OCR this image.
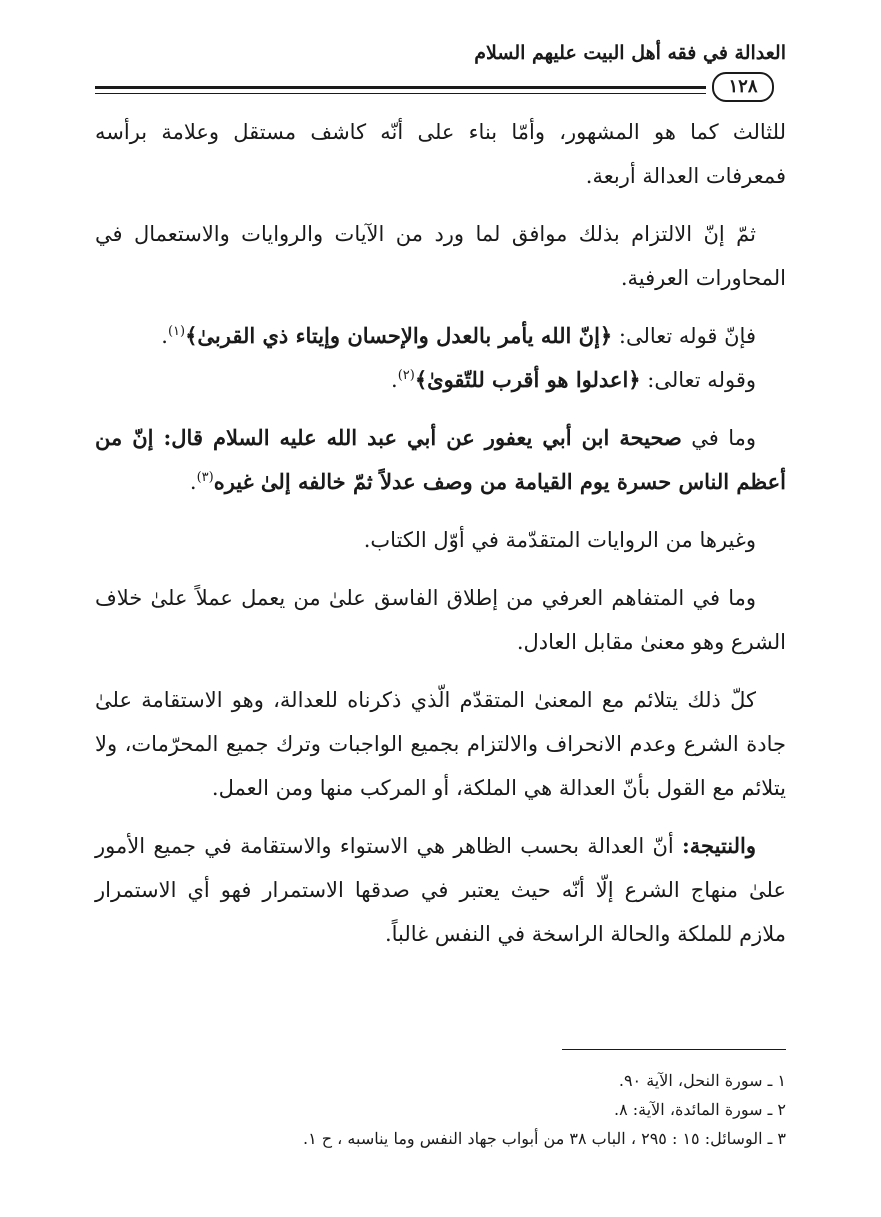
العدالة في فقه أهل البيت عليهم السلام
١٢٨

للثالث كما هو المشهور، وأمّا بناء على أنّه كاشف مستقل وعلامة برأسه فمعرفات العدالة أربعة.

ثمّ إنّ الالتزام بذلك موافق لما ورد من الآيات والروايات والاستعمال في المحاورات العرفية.

فإنّ قوله تعالى: ﴿إنّ الله يأمر بالعدل والإحسان وإيتاء ذي القربىٰ﴾$^{(١)}$.

وقوله تعالى: ﴿اعدلوا هو أقرب للتّقوىٰ﴾$^{(٢)}$.

وما في صحيحة ابن أبي يعفور عن أبي عبد الله عليه السلام قال: إنّ من أعظم الناس حسرة يوم القيامة من وصف عدلاً ثمّ خالفه إلىٰ غيره$^{(٣)}$.

وغيرها من الروايات المتقدّمة في أوّل الكتاب.

وما في المتفاهم العرفي من إطلاق الفاسق علىٰ من يعمل عملاً علىٰ خلاف الشرع وهو معنىٰ مقابل العادل.

كلّ ذلك يتلائم مع المعنىٰ المتقدّم الّذي ذكرناه للعدالة، وهو الاستقامة علىٰ جادة الشرع وعدم الانحراف والالتزام بجميع الواجبات وترك جميع المحرّمات، ولا يتلائم مع القول بأنّ العدالة هي الملكة، أو المركب منها ومن العمل.

والنتيجة: أنّ العدالة بحسب الظاهر هي الاستواء والاستقامة في جميع الأمور علىٰ منهاج الشرع إلّا أنّه حيث يعتبر في صدقها الاستمرار فهو أي الاستمرار ملازم للملكة والحالة الراسخة في النفس غالباً.

١ ـ سورة النحل، الآية ٩٠.
٢ ـ سورة المائدة، الآية: ٨.
٣ ـ الوسائل: ١٥ : ٢٩٥ ، الباب ٣٨ من أبواب جهاد النفس وما يناسبه ، ح ١.
